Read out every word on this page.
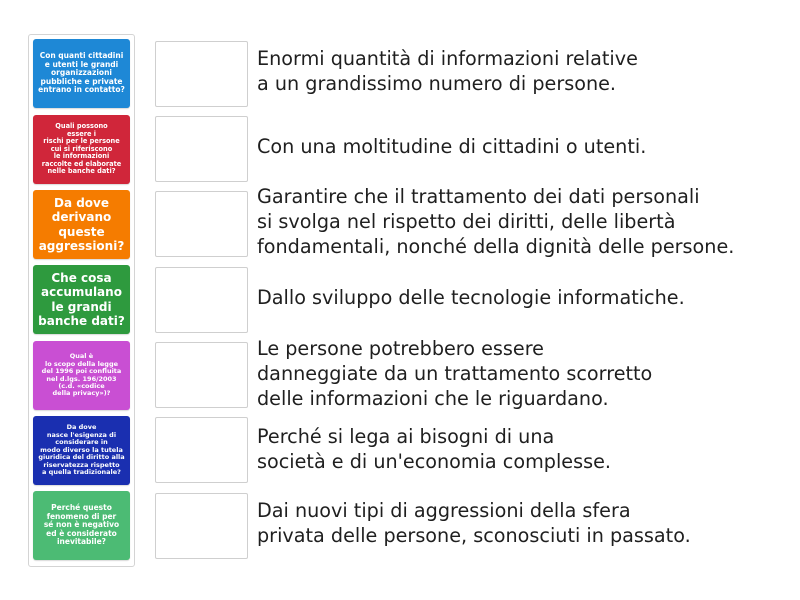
Con quanti cittadini
e utenti le grandi
organizzazioni
pubbliche e private
entrano in contatto?
Quali possono
essere i
rischi per le persone
cui si riferiscono
le informazioni
raccolte ed elaborate
nelle banche dati?
Da dove
derivano
queste
aggressioni?
Che cosa
accumulano
le grandi
banche dati?
Qual è
lo scopo della legge
del 1996 poi confluita
nel d.lgs. 196/2003
(c.d. «codice
della privacy»)?
Da dove
nasce l'esigenza di
considerare in
modo diverso la tutela
giuridica del diritto alla
riservatezza rispetto
a quella tradizionale?
Perché questo
fenomeno di per
sé non è negativo
ed è considerato
inevitabile?
Enormi quantità di informazioni relative
a un grandissimo numero di persone.
Con una moltitudine di cittadini o utenti.
Garantire che il trattamento dei dati personali
si svolga nel rispetto dei diritti, delle libertà
fondamentali, nonché della dignità delle persone.
Dallo sviluppo delle tecnologie informatiche.
Le persone potrebbero essere
danneggiate da un trattamento scorretto
delle informazioni che le riguardano.
Perché si lega ai bisogni di una
società e di un'economia complesse.
Dai nuovi tipi di aggressioni della sfera
privata delle persone, sconosciuti in passato.
